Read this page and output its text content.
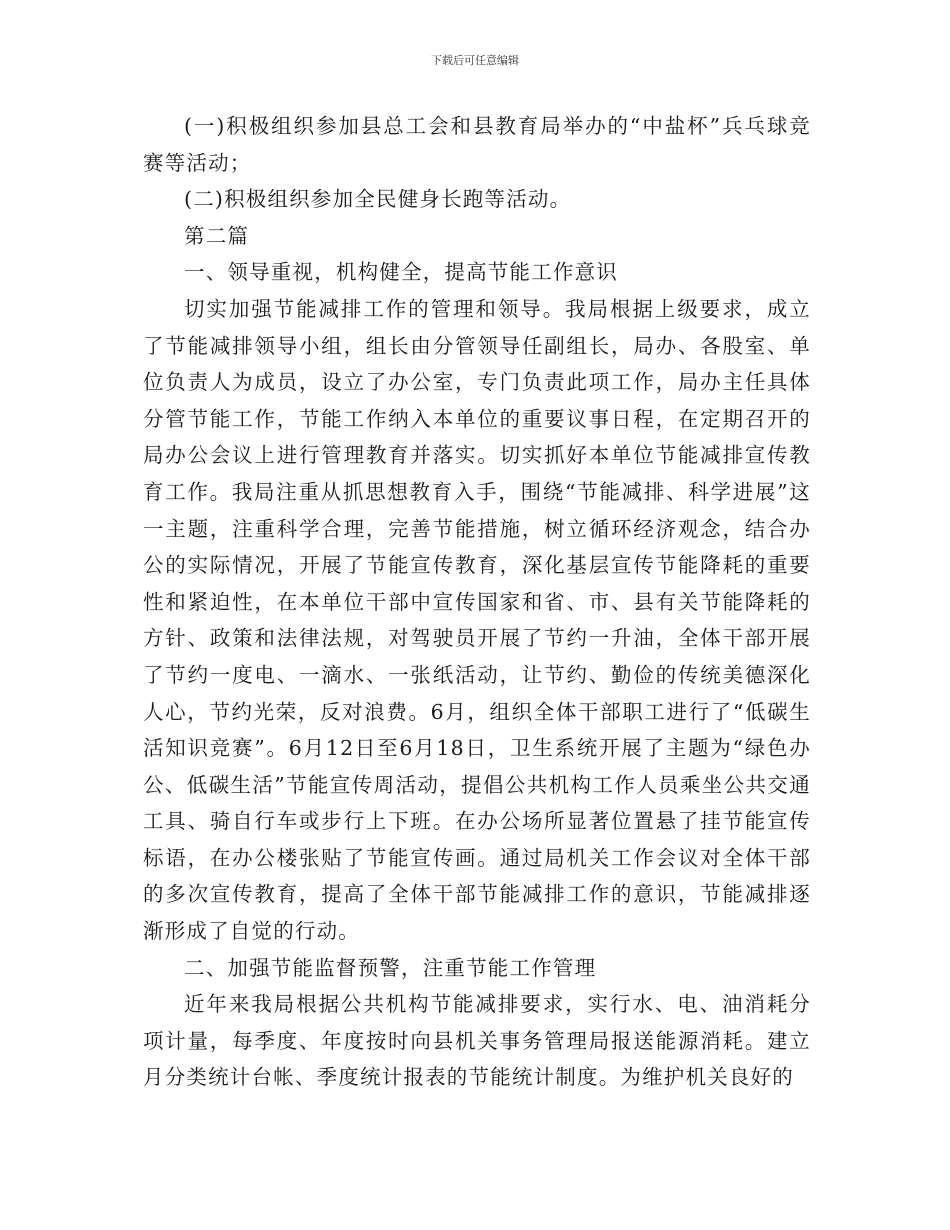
下载后可任意编辑

(一)积极组织参加县总工会和县教育局举办的“中盐杯”兵乓球竞赛等活动；

(二)积极组织参加全民健身长跑等活动。

第二篇

一、领导重视，机构健全，提高节能工作意识

切实加强节能减排工作的管理和领导。我局根据上级要求，成立了节能减排领导小组，组长由分管领导任副组长，局办、各股室、单位负责人为成员，设立了办公室，专门负责此项工作，局办主任具体分管节能工作，节能工作纳入本单位的重要议事日程，在定期召开的局办公会议上进行管理教育并落实。切实抓好本单位节能减排宣传教育工作。我局注重从抓思想教育入手，围绕“节能减排、科学进展”这一主题，注重科学合理，完善节能措施，树立循环经济观念，结合办公的实际情况，开展了节能宣传教育，深化基层宣传节能降耗的重要性和紧迫性，在本单位干部中宣传国家和省、市、县有关节能降耗的方针、政策和法律法规，对驾驶员开展了节约一升油，全体干部开展了节约一度电、一滴水、一张纸活动，让节约、勤俭的传统美德深化人心，节约光荣，反对浪费。6月，组织全体干部职工进行了“低碳生活知识竞赛”。6月12日至6月18日，卫生系统开展了主题为“绿色办公、低碳生活”节能宣传周活动，提倡公共机构工作人员乘坐公共交通工具、骑自行车或步行上下班。在办公场所显著位置悬了挂节能宣传标语，在办公楼张贴了节能宣传画。通过局机关工作会议对全体干部的多次宣传教育，提高了全体干部节能减排工作的意识，节能减排逐渐形成了自觉的行动。

二、加强节能监督预警，注重节能工作管理

近年来我局根据公共机构节能减排要求，实行水、电、油消耗分项计量，每季度、年度按时向县机关事务管理局报送能源消耗。建立月分类统计台帐、季度统计报表的节能统计制度。为维护机关良好的
